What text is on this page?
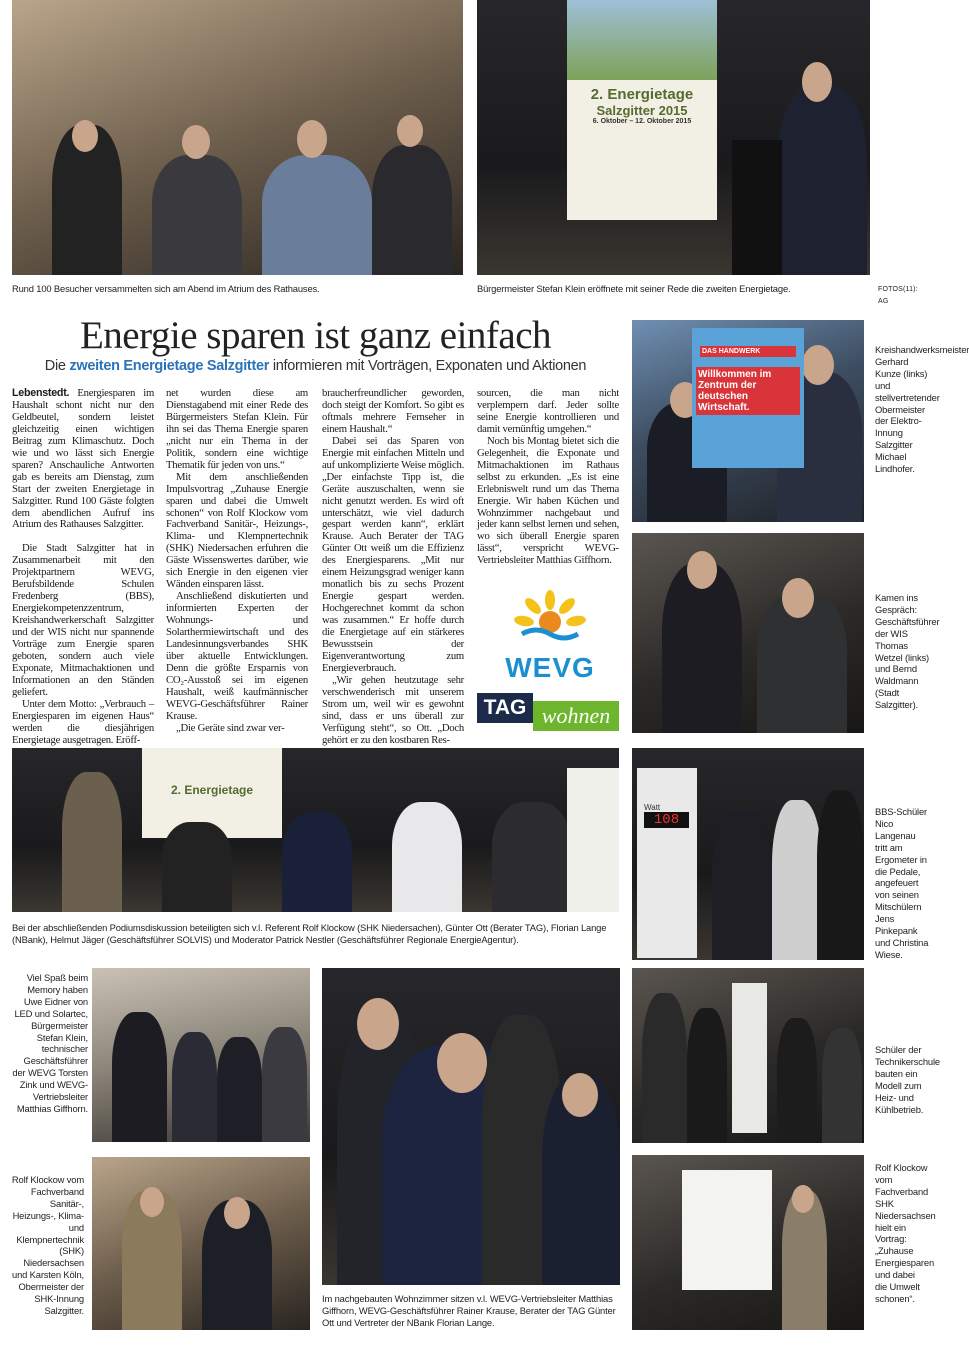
2. Energietage
Salzgitter 2015
6. Oktober – 12. Oktober 2015
Rund 100 Besucher versammelten sich am Abend im Atrium des Rathauses.	Bürgermeister Stefan Klein eröffnete mit seiner Rede die zweiten Energietage.	FOTOS(11): AG
Energie sparen ist ganz einfach
Die zweiten Energietage Salzgitter informieren mit Vorträgen, Exponaten und Aktionen

Lebenstedt. Energiesparen im Haushalt schont nicht nur den Geldbeutel, sondern leistet gleichzeitig einen wichtigen Beitrag zum Klimaschutz. Doch wie und wo lässt sich Energie sparen? Anschauliche Antworten gab es bereits am Dienstag, zum Start der zweiten Energietage in Salzgitter. Rund 100 Gäste folgten dem abendlichen Aufruf ins Atrium des Rathauses Salzgitter.

Die Stadt Salzgitter hat in Zusammenarbeit mit den Projektpartnern WEVG, Berufsbildende Schulen Fredenberg (BBS), Energiekompetenzzentrum, Kreishandwerkerschaft Salzgitter und der WIS nicht nur spannende Vorträge zum Energie sparen geboten, sondern auch viele Exponate, Mitmachaktionen und Informationen an den Ständen geliefert.

Unter dem Motto: „Verbrauch – Energiesparen im eigenen Haus“ werden die diesjährigen Energietage ausgetragen. Eröff-

net wurden diese am Dienstagabend mit einer Rede des Bürgermeisters Stefan Klein. Für ihn sei das Thema Energie sparen „nicht nur ein Thema in der Politik, sondern eine wichtige Thematik für jeden von uns.“

Mit dem anschließenden Impulsvortrag „Zuhause Energie sparen und dabei die Umwelt schonen“ von Rolf Klockow vom Fachverband Sanitär-, Heizungs-, Klima- und Klempnertechnik (SHK) Niedersachen erfuhren die Gäste Wissenswertes darüber, wie sich Energie in den eigenen vier Wänden einsparen lässt.

Anschließend diskutierten und informierten Experten der Wohnungs- und Solarthermiewirtschaft und des Landesinnungsverbandes SHK über aktuelle Entwicklungen. Denn die größte Ersparnis von CO₂-Ausstoß sei im eigenen Haushalt, weiß kaufmännischer WEVG-Geschäftsführer Rainer Krause.

„Die Geräte sind zwar ver-

braucherfreundlicher geworden, doch steigt der Komfort. So gibt es oftmals mehrere Fernseher in einem Haushalt.“

Dabei sei das Sparen von Energie mit einfachen Mitteln und auf unkomplizierte Weise möglich. „Der einfachste Tipp ist, die Geräte auszuschalten, wenn sie nicht genutzt werden. Es wird oft unterschätzt, wie viel dadurch gespart werden kann“, erklärt Krause. Auch Berater der TAG Günter Ott weiß um die Effizienz des Energiesparens. „Mit nur einem Heizungsgrad weniger kann monatlich bis zu sechs Prozent Energie gespart werden. Hochgerechnet kommt da schon was zusammen.“ Er hoffe durch die Energietage auf ein stärkeres Bewusstsein der Eigenverantwortung zum Energieverbrauch.

„Wir gehen heutzutage sehr verschwenderisch mit unserem Strom um, weil wir es gewohnt sind, dass er uns überall zur Verfügung steht“, so Ott. „Doch gehört er zu den kostbaren Res-

sourcen, die man nicht verplempern darf. Jeder sollte seine Energie kontrollieren und damit vernünftig umgehen.“

Noch bis Montag bietet sich die Gelegenheit, die Exponate und Mitmachaktionen im Rathaus selbst zu erkunden. „Es ist eine Erlebniswelt rund um das Thema Energie. Wir haben Küchen und Wohnzimmer nachgebaut und jeder kann selbst lernen und sehen, wo sich überall Energie sparen lässt“, verspricht WEVG-Vertriebsleiter Matthias Giffhorn.

WEVG
TAG wohnen
DAS HANDWERK
Willkommen im Zentrum der deutschen Wirtschaft.
Kreishandwerksmeister Gerhard Kunze (links) und stellvertretender Obermeister der Elektro-Innung Salzgitter Michael Lindhofer.
Kamen ins Gespräch: Geschäftsführer der WIS Thomas Wetzel (links) und Bernd Waldmann (Stadt Salzgitter).
2. Energietage
Bei der abschließenden Podiumsdiskussion beteiligten sich v.l. Referent Rolf Klockow (SHK Niedersachen), Günter Ott (Berater TAG), Florian Lange (NBank), Helmut Jäger (Geschäftsführer SOLVIS) und Moderator Patrick Nestler (Geschäftsführer Regionale EnergieAgentur).
Watt
108
BBS-Schüler Nico Langenau tritt am Ergometer in die Pedale, angefeuert von seinen Mitschülern Jens Pinkepank und Christina Wiese.
Viel Spaß beim Memory haben Uwe Eidner von LED und Solartec, Bürgermeister Stefan Klein, technischer Geschäftsführer der WEVG Torsten Zink und WEVG-Vertriebsleiter Matthias Giffhorn.
Im nachgebauten Wohnzimmer sitzen v.l. WEVG-Vertriebsleiter Matthias Giffhorn, WEVG-Geschäftsführer Rainer Krause, Berater der TAG Günter Ott und Vertreter der NBank Florian Lange.
Schüler der Technikerschule bauten ein Modell zum Heiz- und Kühlbetrieb.
Rolf Klockow vom Fachverband Sanitär-, Heizungs-, Klima- und Klempnertechnik (SHK) Niedersachsen und Karsten Köln, Obermeister der SHK-Innung Salzgitter.
Rolf Klockow vom Fachverband SHK Niedersachsen hielt ein Vortrag: „Zuhause Energiesparen und dabei die Umwelt schonen“.
